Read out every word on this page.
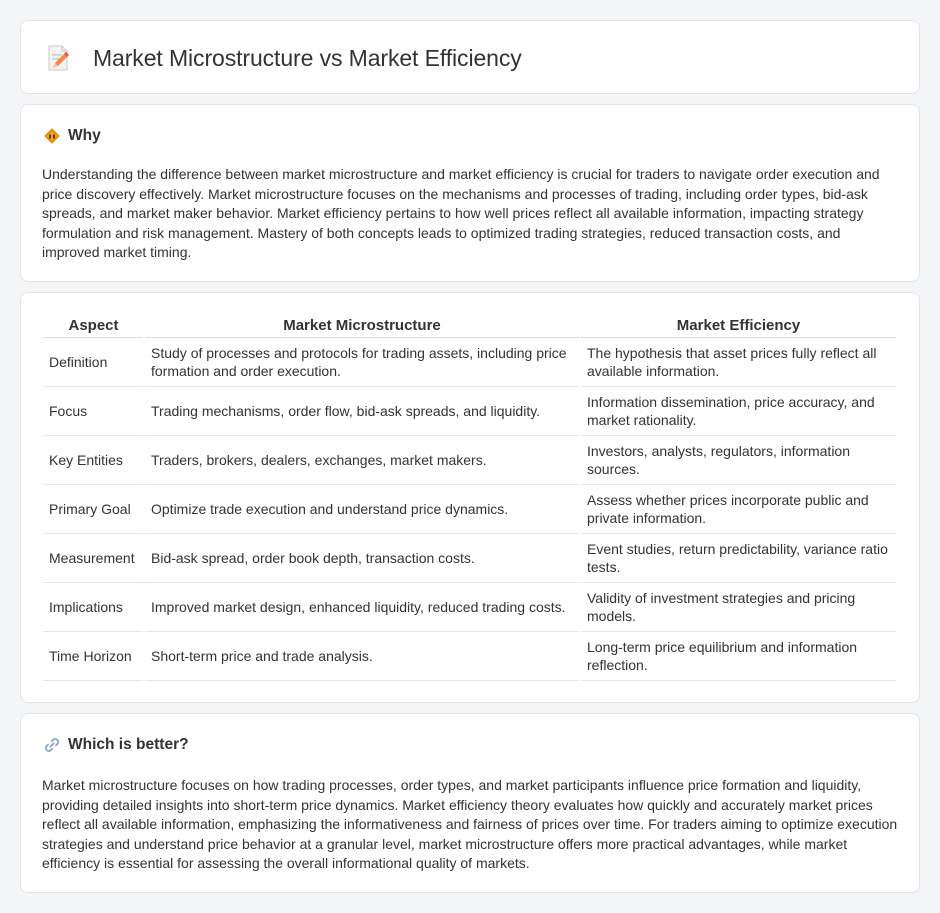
Market Microstructure vs Market Efficiency
Why
Understanding the difference between market microstructure and market efficiency is crucial for traders to navigate order execution and price discovery effectively. Market microstructure focuses on the mechanisms and processes of trading, including order types, bid-ask spreads, and market maker behavior. Market efficiency pertains to how well prices reflect all available information, impacting strategy formulation and risk management. Mastery of both concepts leads to optimized trading strategies, reduced transaction costs, and improved market timing.
Aspect	Market Microstructure	Market Efficiency
Definition	Study of processes and protocols for trading assets, including price formation and order execution.	The hypothesis that asset prices fully reflect all available information.
Focus	Trading mechanisms, order flow, bid-ask spreads, and liquidity.	Information dissemination, price accuracy, and market rationality.
Key Entities	Traders, brokers, dealers, exchanges, market makers.	Investors, analysts, regulators, information sources.
Primary Goal	Optimize trade execution and understand price dynamics.	Assess whether prices incorporate public and private information.
Measurement	Bid-ask spread, order book depth, transaction costs.	Event studies, return predictability, variance ratio tests.
Implications	Improved market design, enhanced liquidity, reduced trading costs.	Validity of investment strategies and pricing models.
Time Horizon	Short-term price and trade analysis.	Long-term price equilibrium and information reflection.
Which is better?
Market microstructure focuses on how trading processes, order types, and market participants influence price formation and liquidity, providing detailed insights into short-term price dynamics. Market efficiency theory evaluates how quickly and accurately market prices reflect all available information, emphasizing the informativeness and fairness of prices over time. For traders aiming to optimize execution strategies and understand price behavior at a granular level, market microstructure offers more practical advantages, while market efficiency is essential for assessing the overall informational quality of markets.
